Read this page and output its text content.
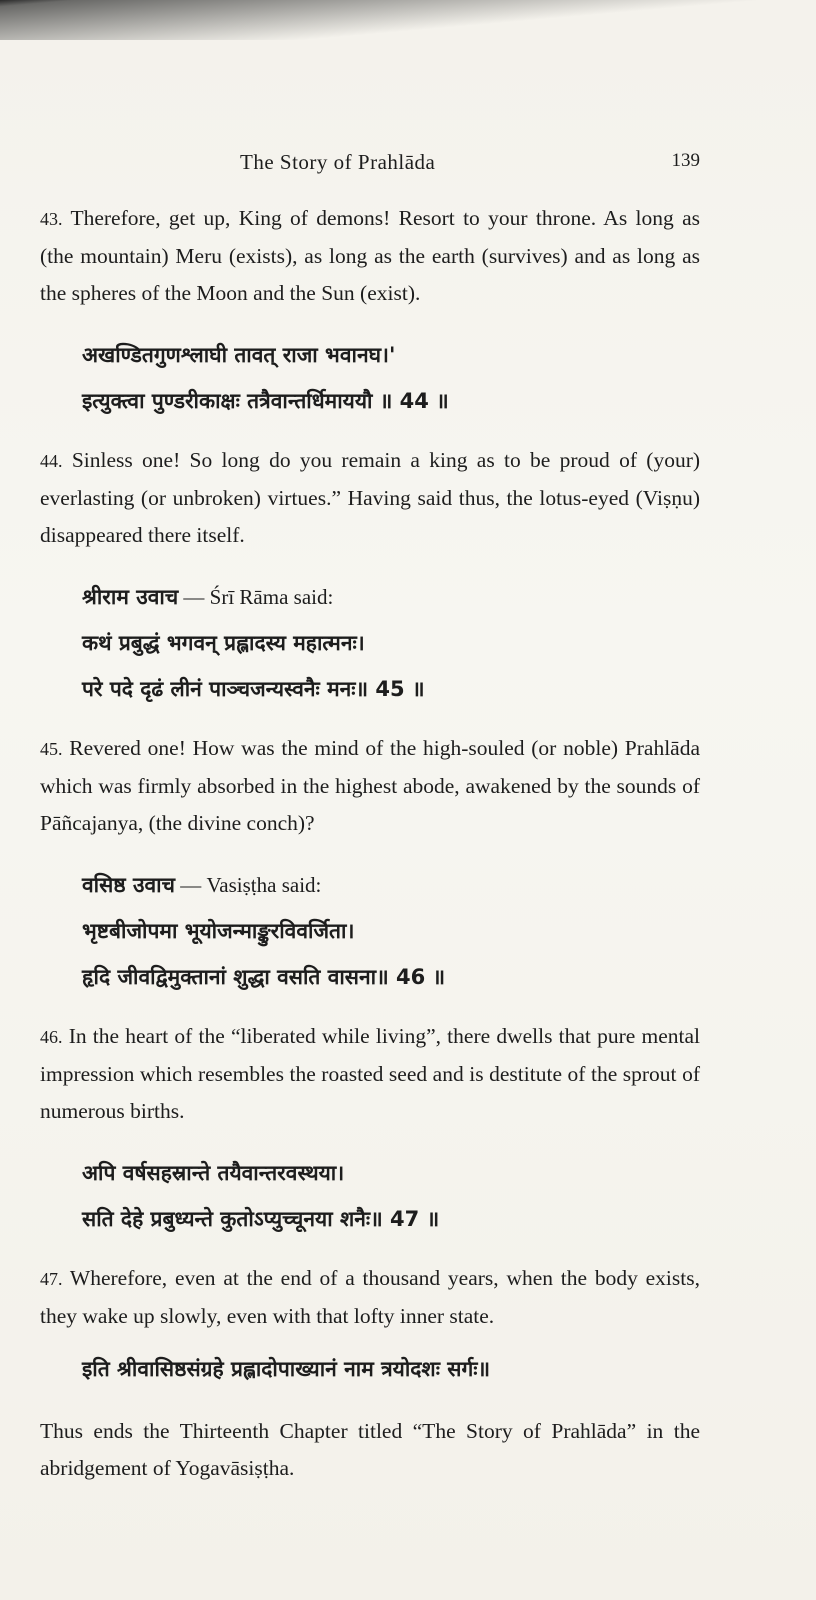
The Story of Prahlāda	139

43. Therefore, get up, King of demons! Resort to your throne. As long as (the mountain) Meru (exists), as long as the earth (survives) and as long as the spheres of the Moon and the Sun (exist).

अखण्डितगुणश्लाघी तावत् राजा भवानघ।'
इत्युक्त्वा पुण्डरीकाक्षः तत्रैवान्तर्धिमाययौ ॥ 44 ॥

44. Sinless one! So long do you remain a king as to be proud of (your) everlasting (or unbroken) virtues.” Having said thus, the lotus-eyed (Viṣṇu) disappeared there itself.

श्रीराम उवाच — Śrī Rāma said:
कथं प्रबुद्धं भगवन् प्रह्लादस्य महात्मनः।
परे पदे दृढं लीनं पाञ्चजन्यस्वनैः मनः॥ 45 ॥

45. Revered one! How was the mind of the high-souled (or noble) Prahlāda which was firmly absorbed in the highest abode, awakened by the sounds of Pāñcajanya, (the divine conch)?

वसिष्ठ उवाच — Vasiṣṭha said:
भृष्टबीजोपमा भूयोजन्माङ्कुरविवर्जिता।
हृदि जीवद्विमुक्तानां शुद्धा वसति वासना॥ 46 ॥

46. In the heart of the “liberated while living”, there dwells that pure mental impression which resembles the roasted seed and is destitute of the sprout of numerous births.

अपि वर्षसहस्रान्ते तयैवान्तरवस्थया।
सति देहे प्रबुध्यन्ते कुतोऽप्युच्चूनया शनैः॥ 47 ॥

47. Wherefore, even at the end of a thousand years, when the body exists, they wake up slowly, even with that lofty inner state.

इति श्रीवासिष्ठसंग्रहे प्रह्लादोपाख्यानं नाम त्रयोदशः सर्गः॥

Thus ends the Thirteenth Chapter titled “The Story of Prahlāda” in the abridgement of Yogavāsiṣṭha.
